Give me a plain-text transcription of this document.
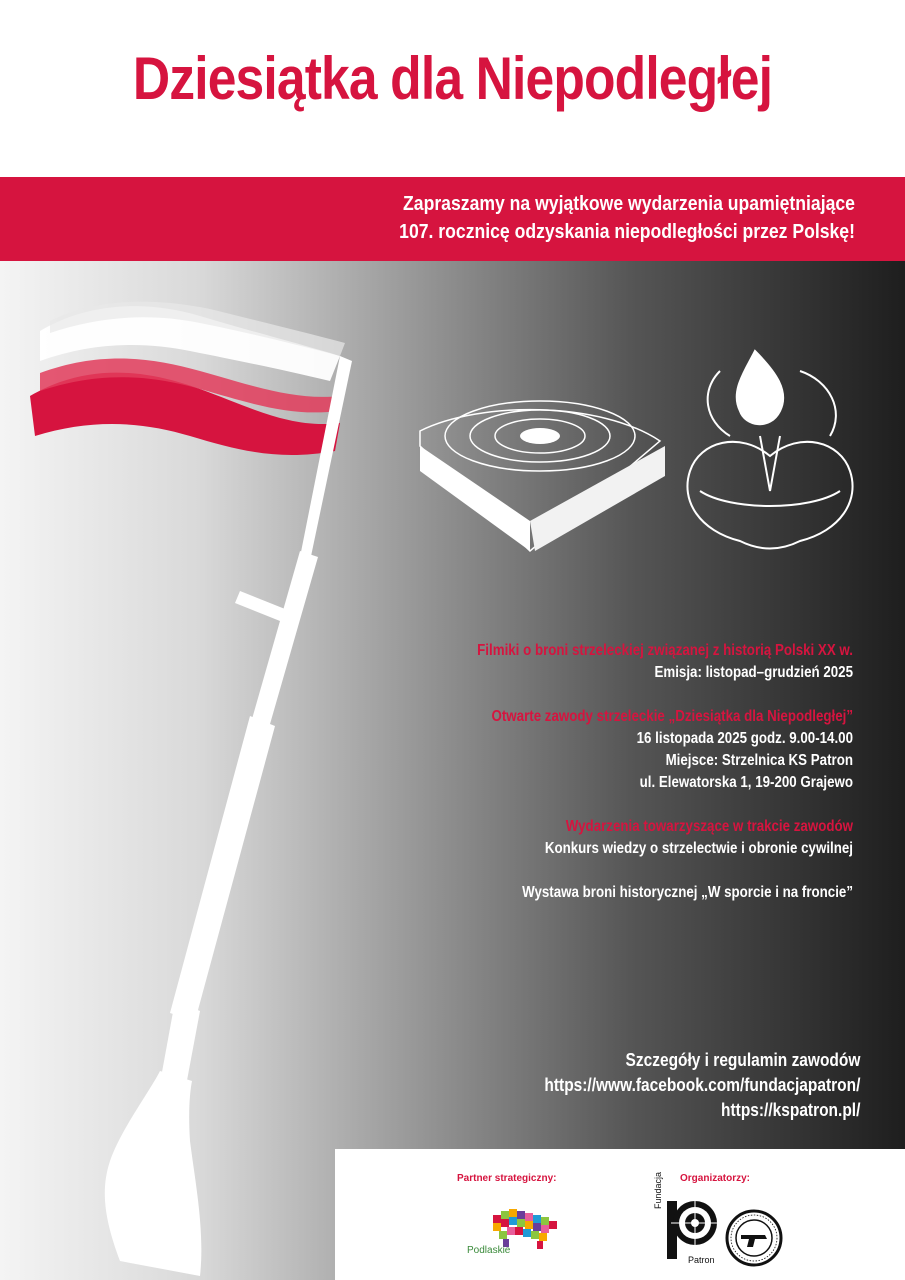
Dziesiątka dla Niepodległej
Zapraszamy na wyjątkowe wydarzenia upamiętniające
107. rocznicę odzyskania niepodległości przez Polskę!
Filmiki o broni strzeleckiej związanej z historią Polski XX w.
Emisja: listopad–grudzień 2025
Otwarte zawody strzeleckie „Dziesiątka dla Niepodległej”
16 listopada 2025 godz. 9.00-14.00
Miejsce: Strzelnica KS Patron
ul. Elewatorska 1, 19-200 Grajewo
Wydarzenia towarzyszące w trakcie zawodów
Konkurs wiedzy o strzelectwie i obronie cywilnej
Wystawa broni historycznej „W sporcie i na froncie”
Szczegóły i regulamin zawodów
https://www.facebook.com/fundacjapatron/
https://kspatron.pl/
Partner strategiczny:	Organizatorzy:
Podlaskie
Fundacja
Patron
